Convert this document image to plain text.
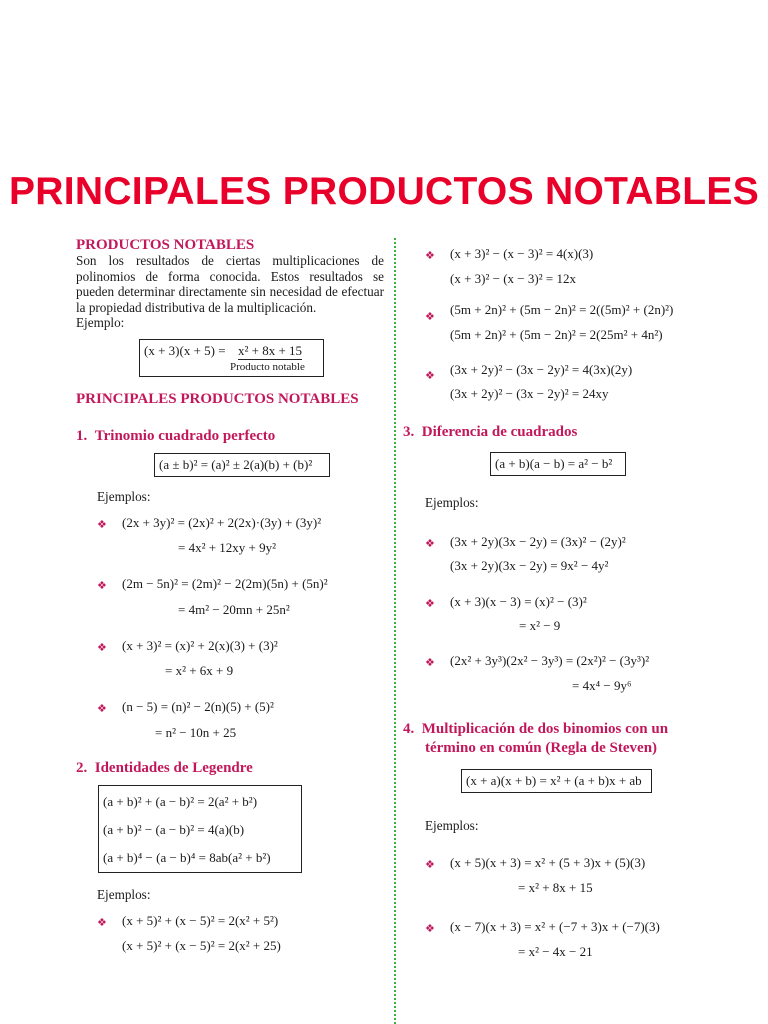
PRINCIPALES PRODUCTOS NOTABLES
PRODUCTOS NOTABLES
Son los resultados de ciertas multiplicaciones de polinomios de forma conocida. Estos resultados se pueden determinar directamente sin necesidad de efectuar la propiedad distributiva de la multiplicación.
Ejemplo:
(x + 3)(x + 5) = x² + 8x + 15
Producto notable
PRINCIPALES PRODUCTOS NOTABLES
1. Trinomio cuadrado perfecto
(a ± b)² = (a)² ± 2(a)(b) + (b)²
Ejemplos:
❖ (2x + 3y)² = (2x)² + 2(2x)·(3y) + (3y)²
= 4x² + 12xy + 9y²
❖ (2m − 5n)² = (2m)² − 2(2m)(5n) + (5n)²
= 4m² − 20mn + 25n²
❖ (x + 3)² = (x)² + 2(x)(3) + (3)²
= x² + 6x + 9
❖ (n − 5) = (n)² − 2(n)(5) + (5)²
= n² − 10n + 25
2. Identidades de Legendre
(a + b)² + (a − b)² = 2(a² + b²)
(a + b)² − (a − b)² = 4(a)(b)
(a + b)⁴ − (a − b)⁴ = 8ab(a² + b²)
Ejemplos:
❖ (x + 5)² + (x − 5)² = 2(x² + 5²)
(x + 5)² + (x − 5)² = 2(x² + 25)
❖ (x + 3)² − (x − 3)² = 4(x)(3)
(x + 3)² − (x − 3)² = 12x
❖ (5m + 2n)² + (5m − 2n)² = 2((5m)² + (2n)²)
(5m + 2n)² + (5m − 2n)² = 2(25m² + 4n²)
❖ (3x + 2y)² − (3x − 2y)² = 4(3x)(2y)
(3x + 2y)² − (3x − 2y)² = 24xy
3. Diferencia de cuadrados
(a + b)(a − b) = a² − b²
Ejemplos:
❖ (3x + 2y)(3x − 2y) = (3x)² − (2y)²
(3x + 2y)(3x − 2y) = 9x² − 4y²
❖ (x + 3)(x − 3) = (x)² − (3)²
= x² − 9
❖ (2x² + 3y³)(2x² − 3y³) = (2x²)² − (3y³)²
= 4x⁴ − 9y⁶
4. Multiplicación de dos binomios con un
término en común (Regla de Steven)
(x + a)(x + b) = x² + (a + b)x + ab
Ejemplos:
❖ (x + 5)(x + 3) = x² + (5 + 3)x + (5)(3)
= x² + 8x + 15
❖ (x − 7)(x + 3) = x² + (−7 + 3)x + (−7)(3)
= x² − 4x − 21
